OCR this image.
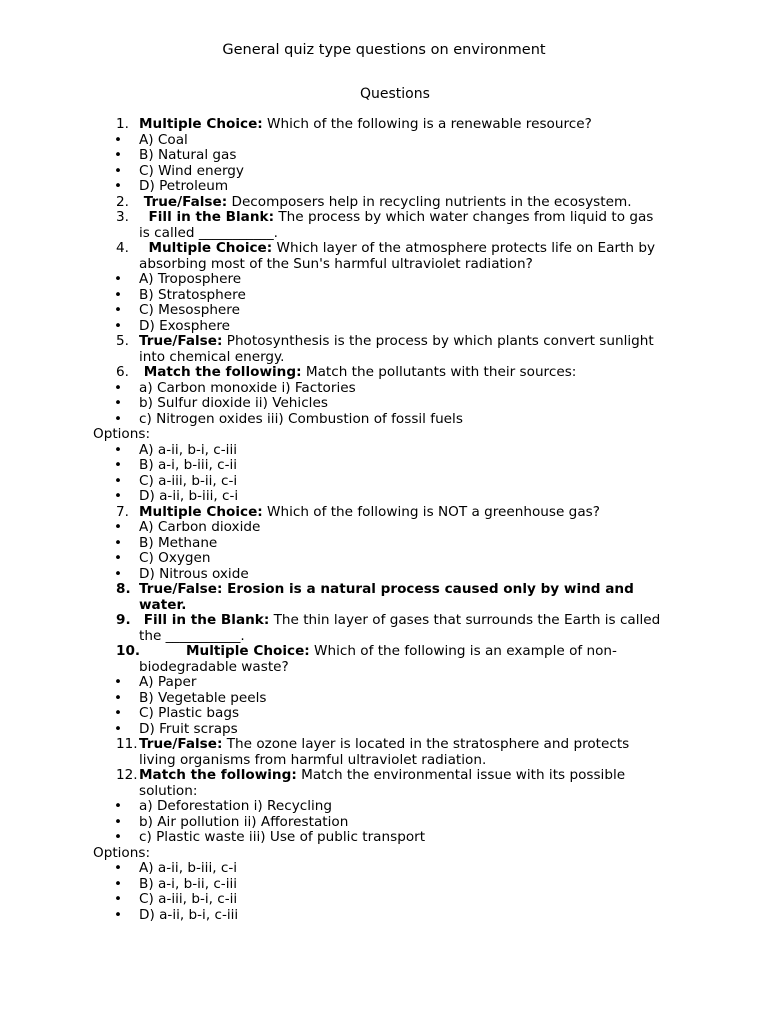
General quiz type questions on environment
Questions
1. Multiple Choice: Which of the following is a renewable resource?
• A) Coal
• B) Natural gas
• C) Wind energy
• D) Petroleum
2. True/False: Decomposers help in recycling nutrients in the ecosystem.
3. Fill in the Blank: The process by which water changes from liquid to gas is called ___________.
4. Multiple Choice: Which layer of the atmosphere protects life on Earth by absorbing most of the Sun's harmful ultraviolet radiation?
• A) Troposphere
• B) Stratosphere
• C) Mesosphere
• D) Exosphere
5. True/False: Photosynthesis is the process by which plants convert sunlight into chemical energy.
6. Match the following: Match the pollutants with their sources:
• a) Carbon monoxide i) Factories
• b) Sulfur dioxide ii) Vehicles
• c) Nitrogen oxides iii) Combustion of fossil fuels
Options:
• A) a-ii, b-i, c-iii
• B) a-i, b-iii, c-ii
• C) a-iii, b-ii, c-i
• D) a-ii, b-iii, c-i
7. Multiple Choice: Which of the following is NOT a greenhouse gas?
• A) Carbon dioxide
• B) Methane
• C) Oxygen
• D) Nitrous oxide
8. True/False: Erosion is a natural process caused only by wind and water.
9. Fill in the Blank: The thin layer of gases that surrounds the Earth is called the ___________.
10.	Multiple Choice: Which of the following is an example of non-biodegradable waste?
• A) Paper
• B) Vegetable peels
• C) Plastic bags
• D) Fruit scraps
11. True/False: The ozone layer is located in the stratosphere and protects living organisms from harmful ultraviolet radiation.
12. Match the following: Match the environmental issue with its possible solution:
• a) Deforestation i) Recycling
• b) Air pollution ii) Afforestation
• c) Plastic waste iii) Use of public transport
Options:
• A) a-ii, b-iii, c-i
• B) a-i, b-ii, c-iii
• C) a-iii, b-i, c-ii
• D) a-ii, b-i, c-iii
